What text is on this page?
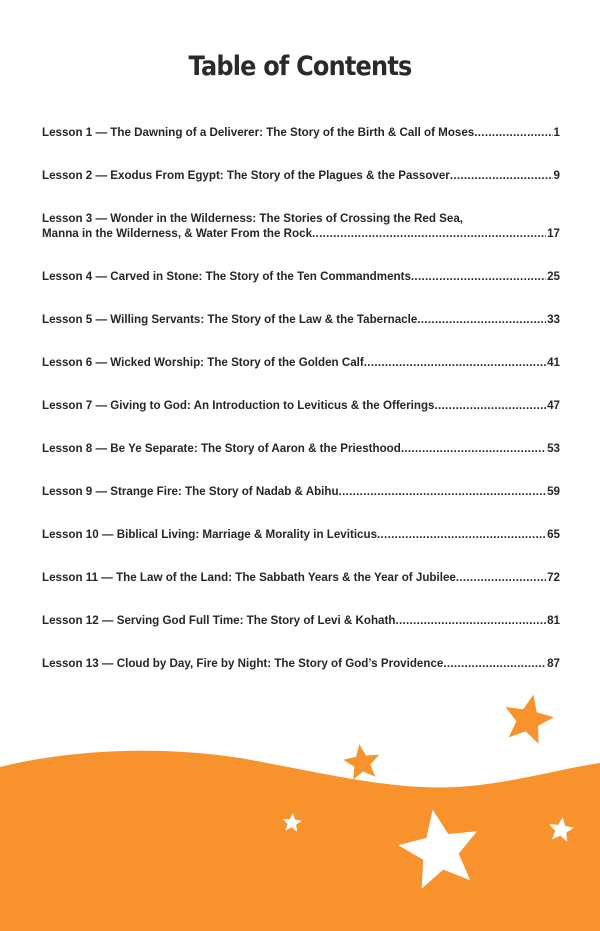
Table of Contents
Lesson 1 — The Dawning of a Deliverer: The Story of the Birth & Call of Moses .....	1
Lesson 2 — Exodus From Egypt: The Story of the Plagues & the Passover .....	9
Lesson 3 — Wonder in the Wilderness: The Stories of Crossing the Red Sea,
Manna in the Wilderness, & Water From the Rock .....	17
Lesson 4 — Carved in Stone: The Story of the Ten Commandments .....	25
Lesson 5 — Willing Servants: The Story of the Law & the Tabernacle .....	33
Lesson 6 — Wicked Worship: The Story of the Golden Calf .....	41
Lesson 7 — Giving to God: An Introduction to Leviticus & the Offerings .....	47
Lesson 8 — Be Ye Separate: The Story of Aaron & the Priesthood .....	53
Lesson 9 — Strange Fire: The Story of Nadab & Abihu .....	59
Lesson 10 — Biblical Living: Marriage & Morality in Leviticus .....	65
Lesson 11 — The Law of the Land: The Sabbath Years & the Year of Jubilee .....	72
Lesson 12 — Serving God Full Time: The Story of Levi & Kohath .....	81
Lesson 13 — Cloud by Day, Fire by Night: The Story of God’s Providence .....	87
